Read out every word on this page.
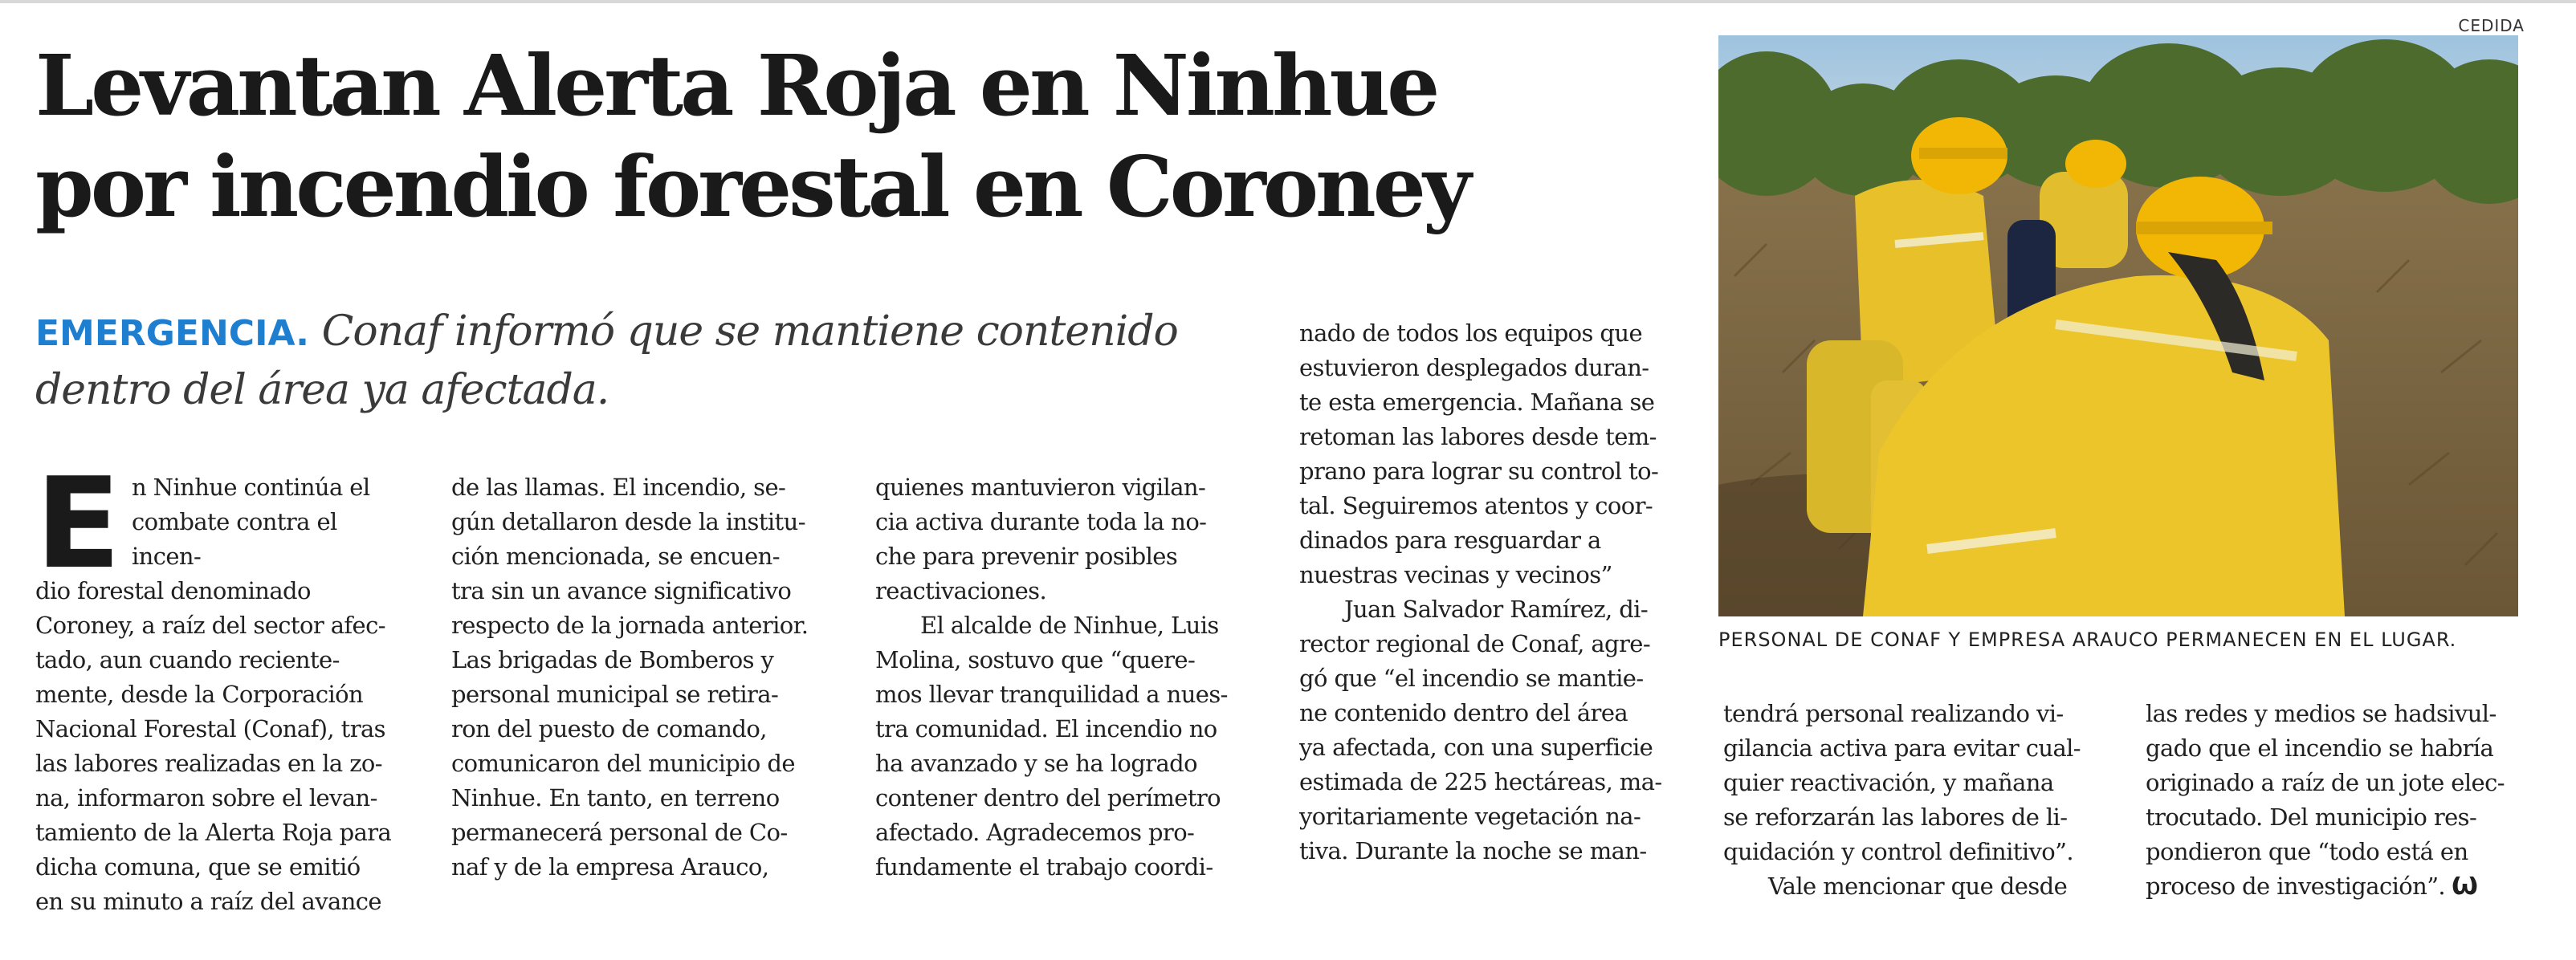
Levantan Alerta Roja en Ninhue
por incendio forestal en Coroney
EMERGENCIA. Conaf informó que se mantiene contenido dentro del área ya afectada.
E n Ninhue continúa el
combate contra el incen-
dio forestal denominado
Coroney, a raíz del sector afec-
tado, aun cuando reciente-
mente, desde la Corporación
Nacional Forestal (Conaf), tras
las labores realizadas en la zo-
na, informaron sobre el levan-
tamiento de la Alerta Roja para
dicha comuna, que se emitió
en su minuto a raíz del avance
de las llamas. El incendio, se-
gún detallaron desde la institu-
ción mencionada, se encuen-
tra sin un avance significativo
respecto de la jornada anterior.
Las brigadas de Bomberos y
personal municipal se retira-
ron del puesto de comando,
comunicaron del municipio de
Ninhue. En tanto, en terreno
permanecerá personal de Co-
naf y de la empresa Arauco,
quienes mantuvieron vigilan-
cia activa durante toda la no-
che para prevenir posibles
reactivaciones.
El alcalde de Ninhue, Luis
Molina, sostuvo que “quere-
mos llevar tranquilidad a nues-
tra comunidad. El incendio no
ha avanzado y se ha logrado
contener dentro del perímetro
afectado. Agradecemos pro-
fundamente el trabajo coordi-
nado de todos los equipos que
estuvieron desplegados duran-
te esta emergencia. Mañana se
retoman las labores desde tem-
prano para lograr su control to-
tal. Seguiremos atentos y coor-
dinados para resguardar a
nuestras vecinas y vecinos”
Juan Salvador Ramírez, di-
rector regional de Conaf, agre-
gó que “el incendio se mantie-
ne contenido dentro del área
ya afectada, con una superficie
estimada de 225 hectáreas, ma-
yoritariamente vegetación na-
tiva. Durante la noche se man-
tendrá personal realizando vi-
gilancia activa para evitar cual-
quier reactivación, y mañana
se reforzarán las labores de li-
quidación y control definitivo”.
Vale mencionar que desde
las redes y medios se hadsivul-
gado que el incendio se habría
originado a raíz de un jote elec-
trocutado. Del municipio res-
pondieron que “todo está en
proceso de investigación”. Ѡ
CEDIDA
PERSONAL DE CONAF Y EMPRESA ARAUCO PERMANECEN EN EL LUGAR.
